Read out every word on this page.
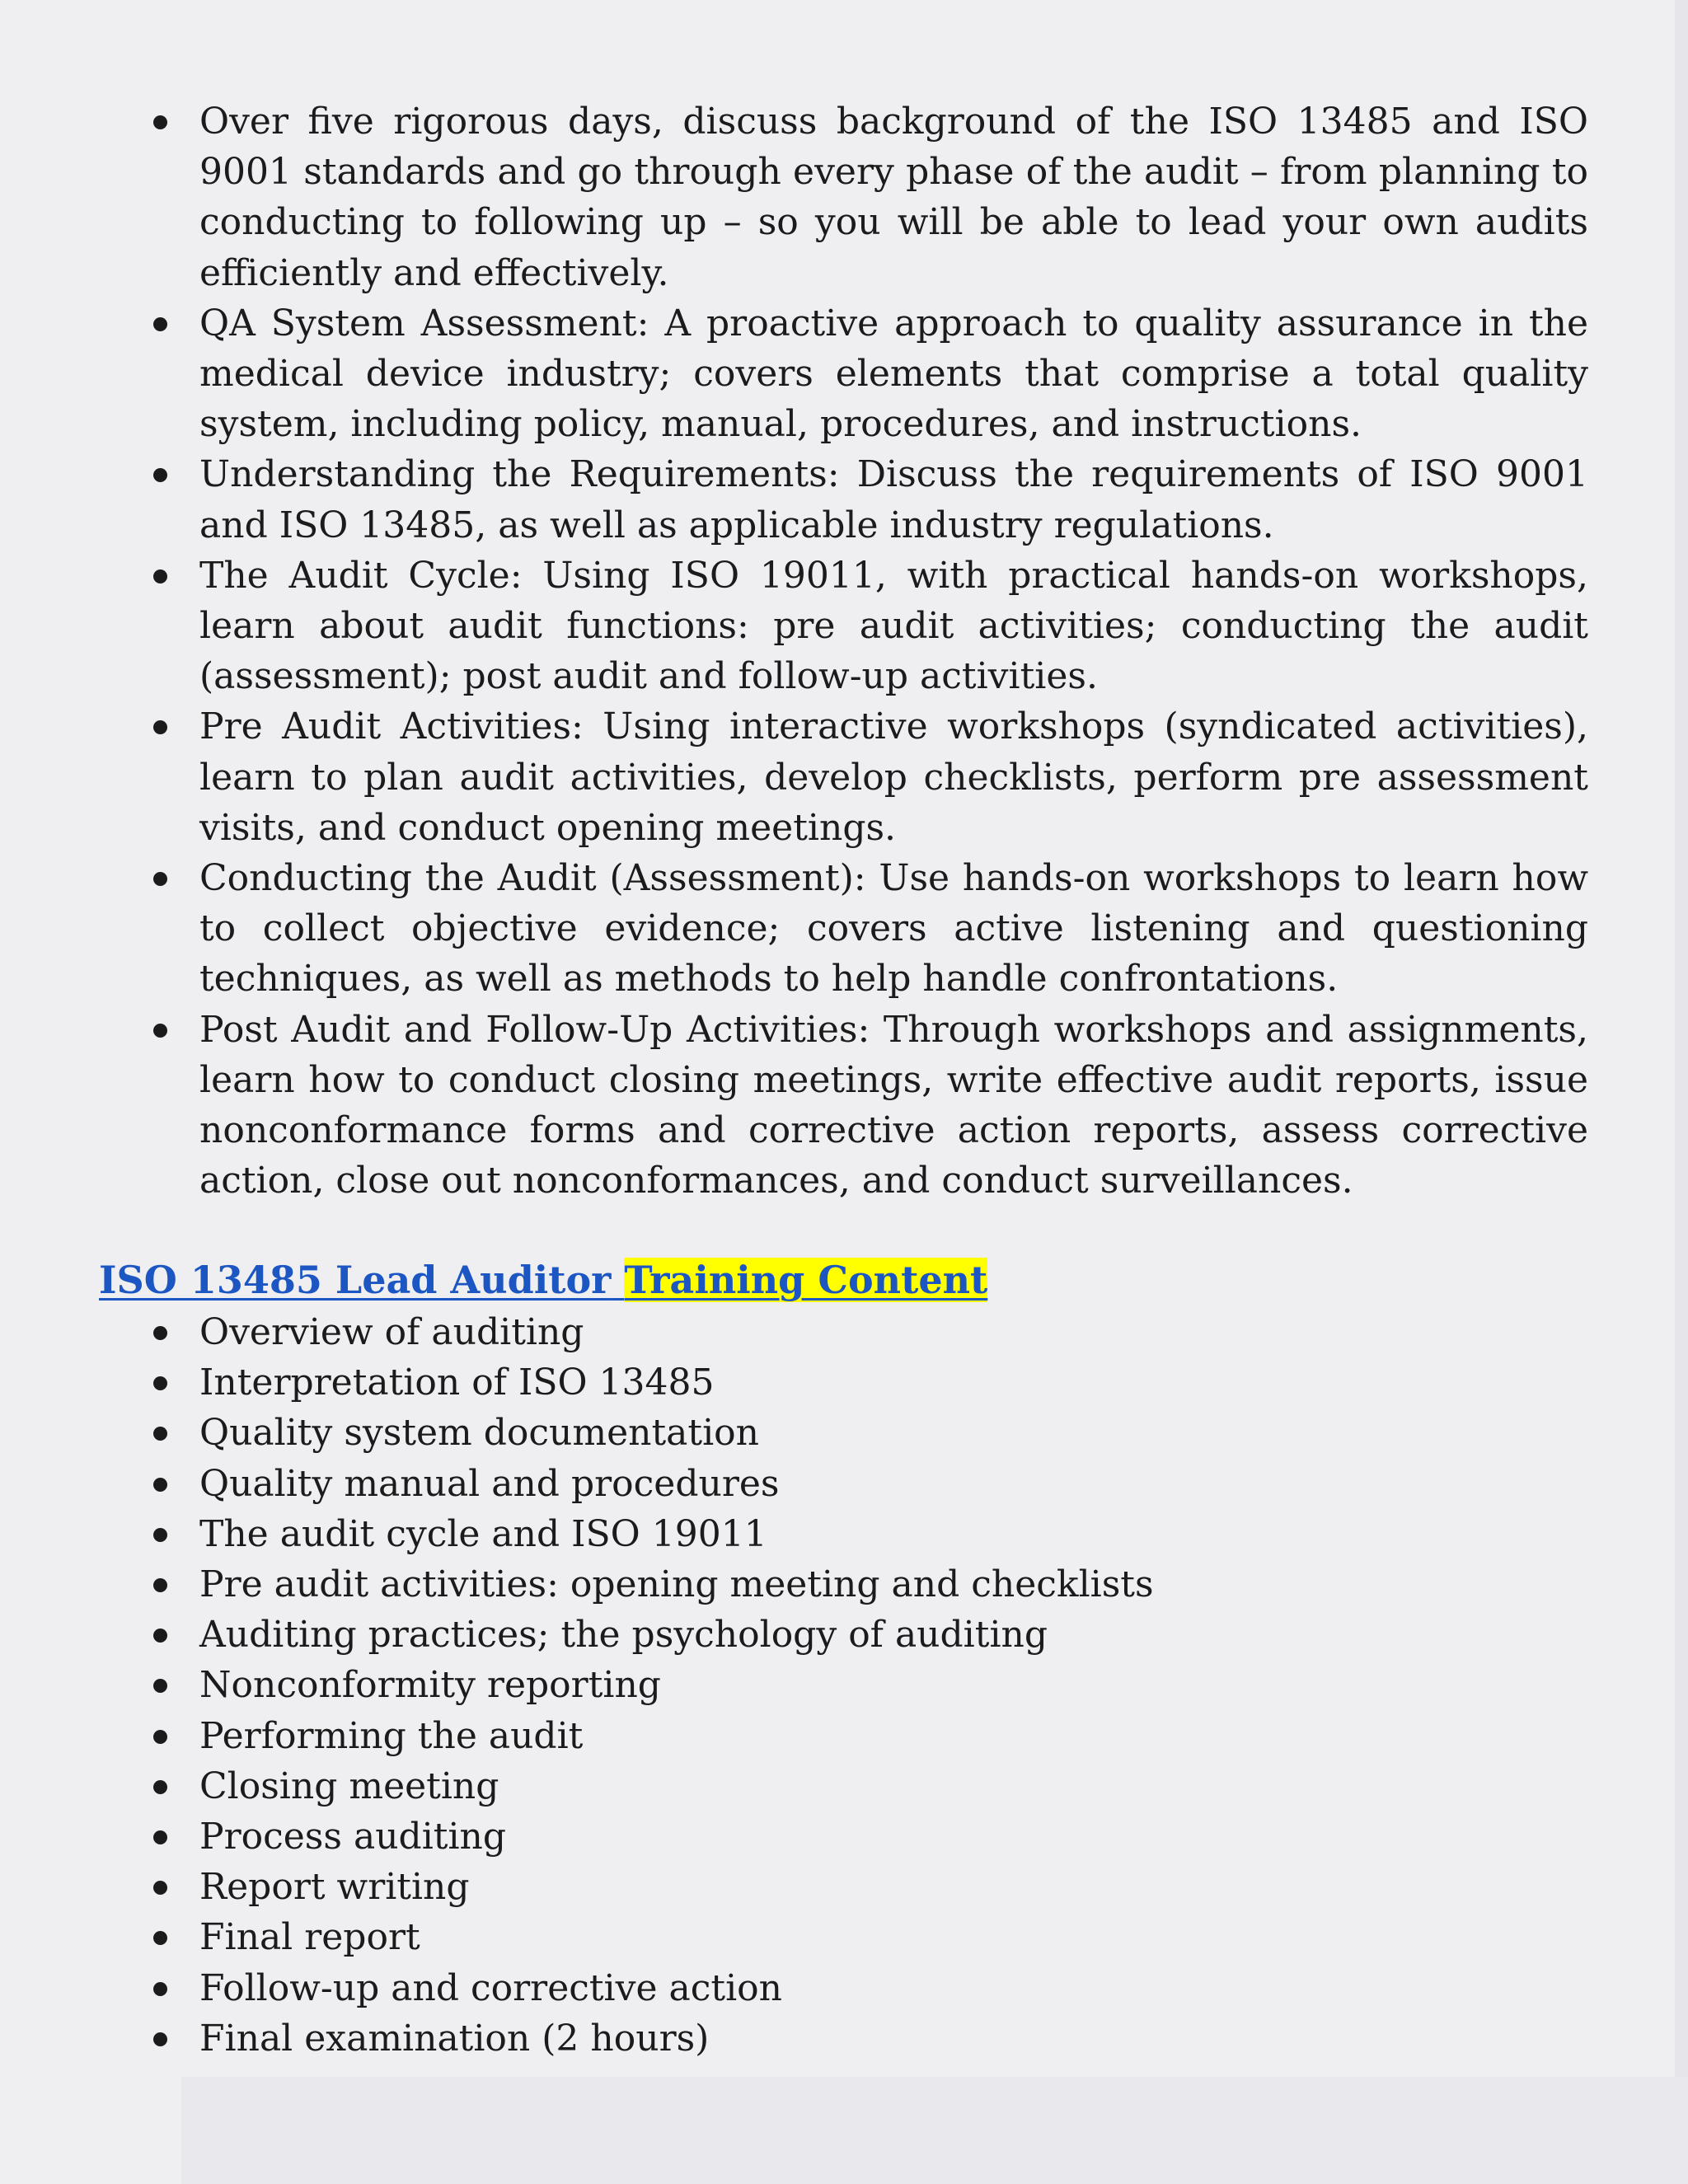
Over five rigorous days, discuss background of the ISO 13485 and ISO 9001 standards and go through every phase of the audit – from planning to conducting to following up – so you will be able to lead your own audits efficiently and effectively.
QA System Assessment: A proactive approach to quality assurance in the medical device industry; covers elements that comprise a total quality system, including policy, manual, procedures, and instructions.
Understanding the Requirements: Discuss the requirements of ISO 9001 and ISO 13485, as well as applicable industry regulations.
The Audit Cycle: Using ISO 19011, with practical hands-on workshops, learn about audit functions: pre audit activities; conducting the audit (assessment); post audit and follow-up activities.
Pre Audit Activities: Using interactive workshops (syndicated activities), learn to plan audit activities, develop checklists, perform pre assessment visits, and conduct opening meetings.
Conducting the Audit (Assessment): Use hands-on workshops to learn how to collect objective evidence; covers active listening and questioning techniques, as well as methods to help handle confrontations.
Post Audit and Follow-Up Activities: Through workshops and assignments, learn how to conduct closing meetings, write effective audit reports, issue nonconformance forms and corrective action reports, assess corrective action, close out nonconformances, and conduct surveillances.
ISO 13485 Lead Auditor Training Content
Overview of auditing
Interpretation of ISO 13485
Quality system documentation
Quality manual and procedures
The audit cycle and ISO 19011
Pre audit activities: opening meeting and checklists
Auditing practices; the psychology of auditing
Nonconformity reporting
Performing the audit
Closing meeting
Process auditing
Report writing
Final report
Follow-up and corrective action
Final examination (2 hours)
